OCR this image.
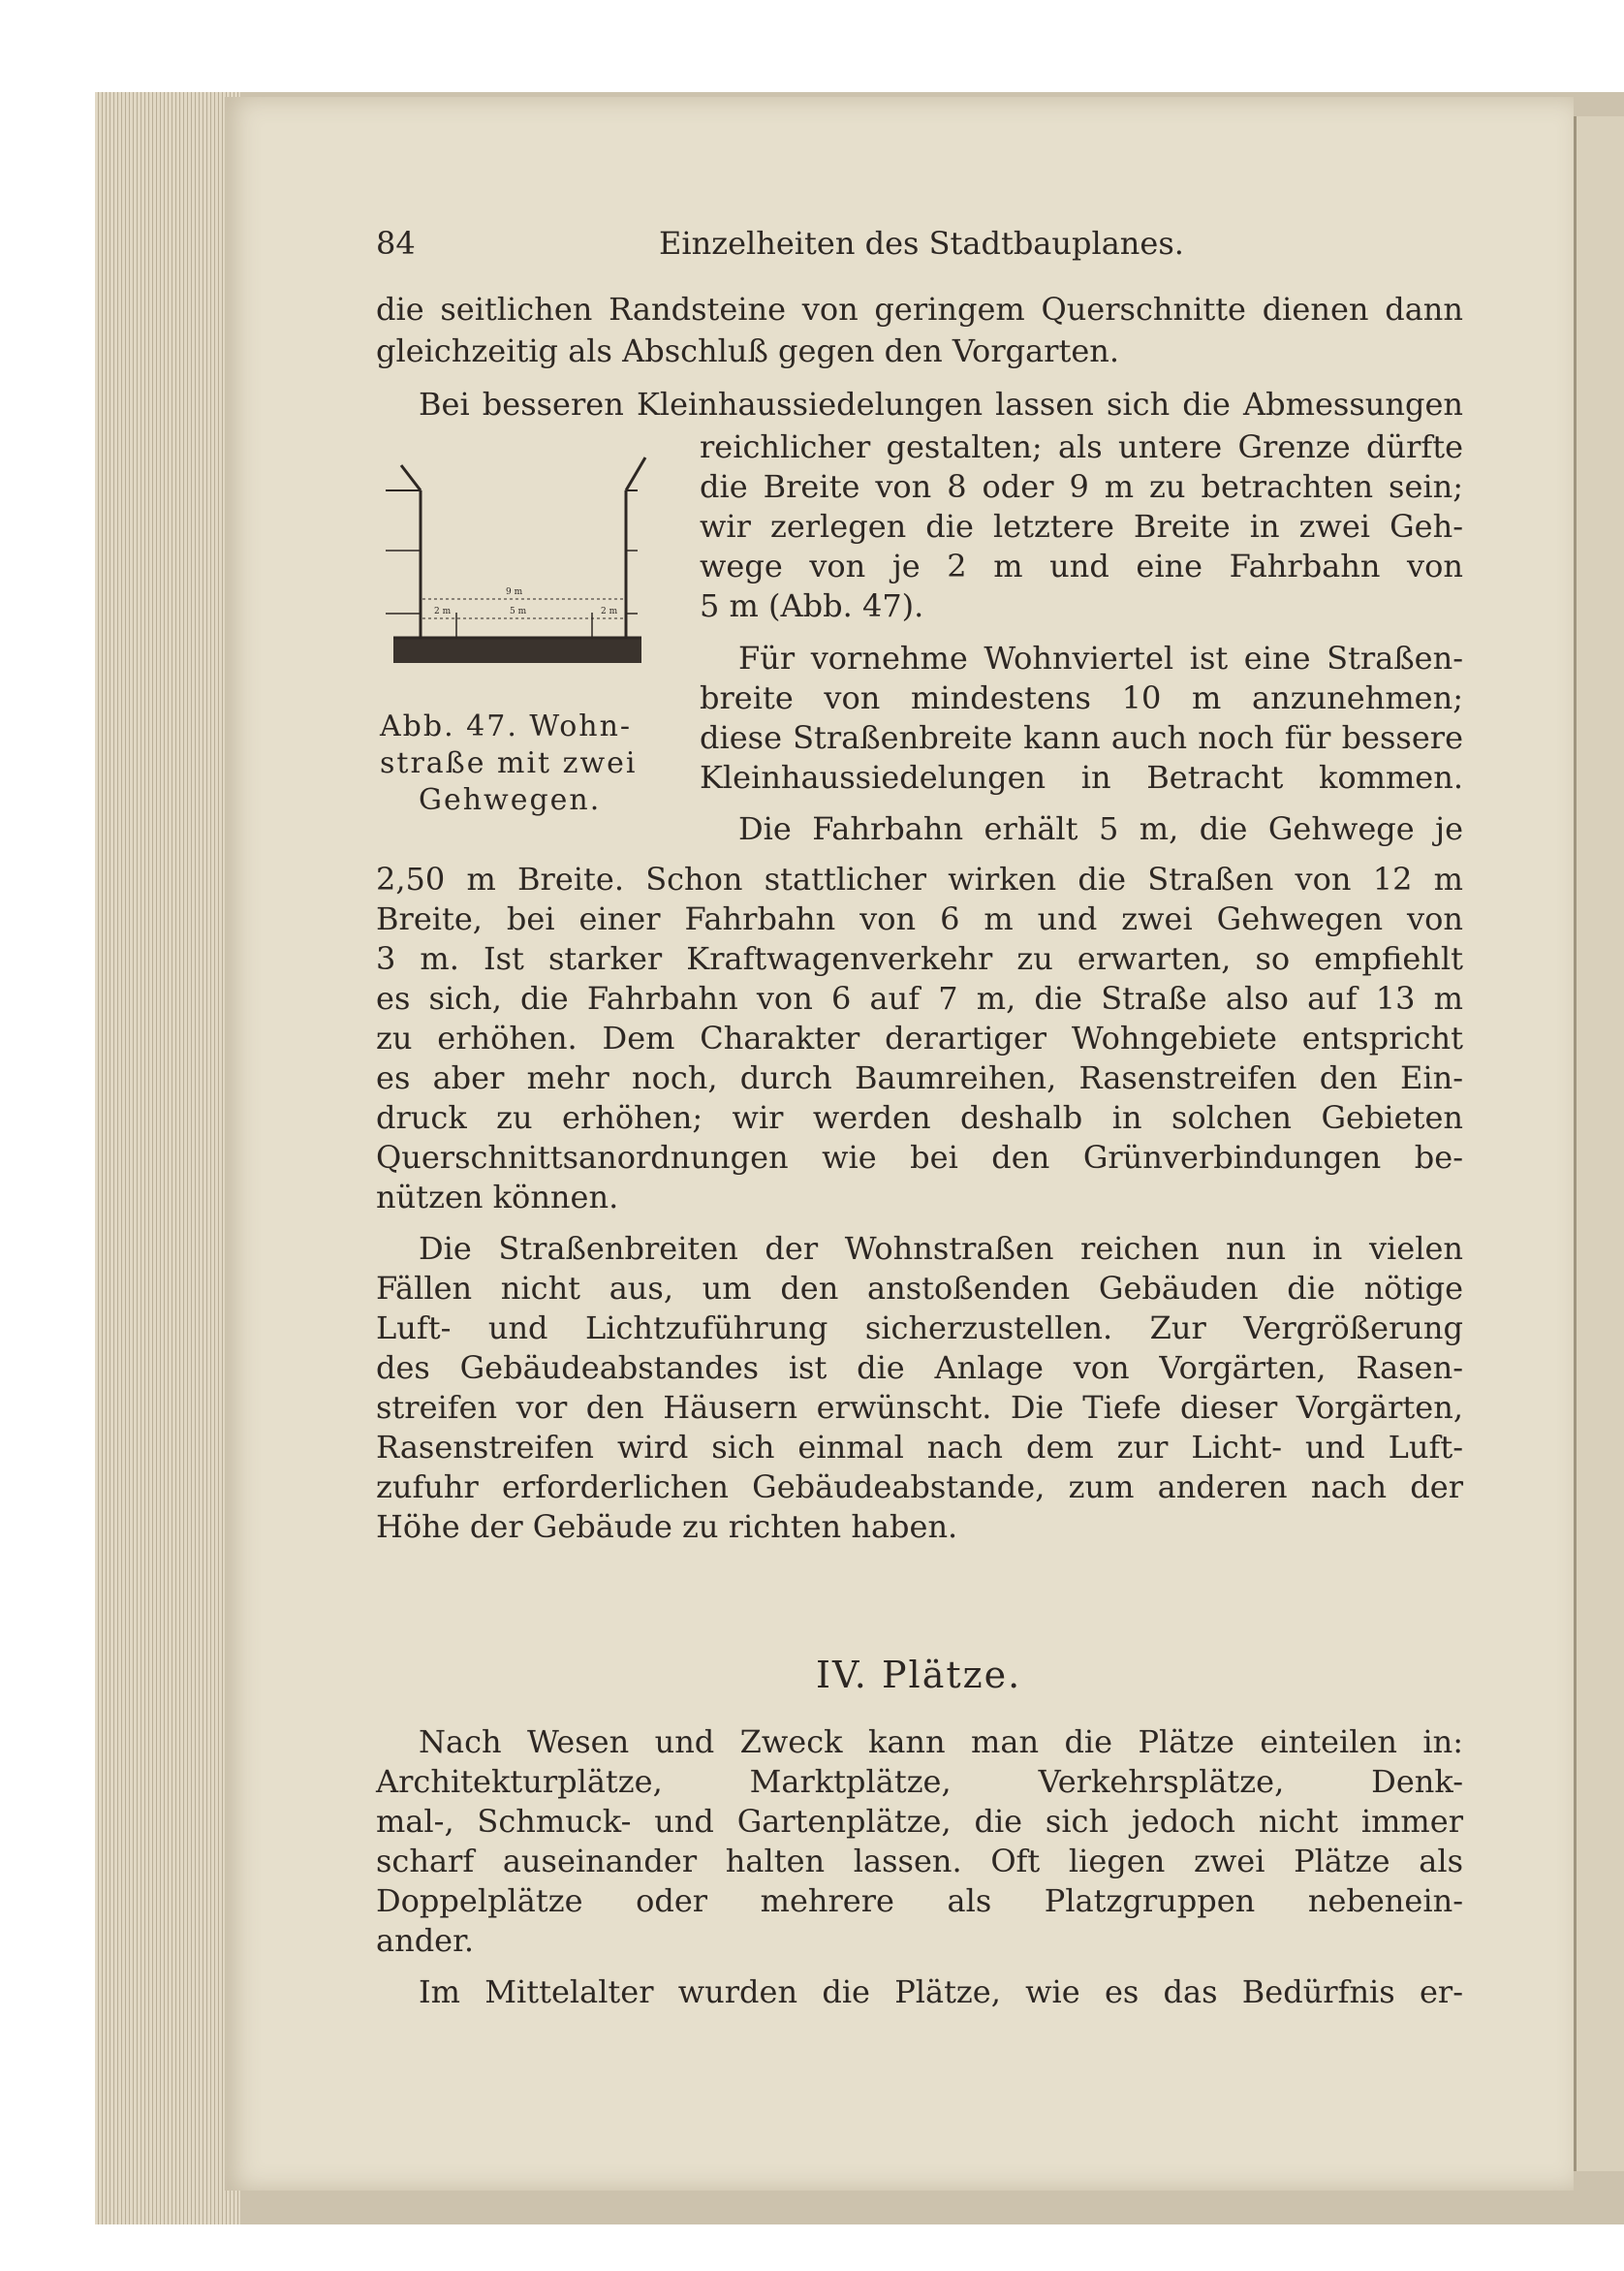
84	Einzelheiten des Stadtbauplanes.
die seitlichen Randsteine von geringem Querschnitte dienen dann
gleichzeitig als Abschluß gegen den Vorgarten.
Bei besseren Kleinhaussiedelungen lassen sich die Abmessungen
reichlicher gestalten; als untere Grenze dürfte
die Breite von 8 oder 9 m zu betrachten sein;
wir zerlegen die letztere Breite in zwei Geh-
wege von je 2 m und eine Fahrbahn von
5 m (Abb. 47).
Für vornehme Wohnviertel ist eine Straßen-
breite von mindestens 10 m anzunehmen;
diese Straßenbreite kann auch noch für bessere
Kleinhaussiedelungen in Betracht kommen.
Die Fahrbahn erhält 5 m, die Gehwege je
9 m
2 m	5 m	2 m
Abb. 47. Wohn-
straße mit zwei
Gehwegen.
2,50 m Breite. Schon stattlicher wirken die Straßen von 12 m
Breite, bei einer Fahrbahn von 6 m und zwei Gehwegen von
3 m. Ist starker Kraftwagenverkehr zu erwarten, so empfiehlt
es sich, die Fahrbahn von 6 auf 7 m, die Straße also auf 13 m
zu erhöhen. Dem Charakter derartiger Wohngebiete entspricht
es aber mehr noch, durch Baumreihen, Rasenstreifen den Ein-
druck zu erhöhen; wir werden deshalb in solchen Gebieten
Querschnittsanordnungen wie bei den Grünverbindungen be-
nützen können.
Die Straßenbreiten der Wohnstraßen reichen nun in vielen
Fällen nicht aus, um den anstoßenden Gebäuden die nötige
Luft- und Lichtzuführung sicherzustellen. Zur Vergrößerung
des Gebäudeabstandes ist die Anlage von Vorgärten, Rasen-
streifen vor den Häusern erwünscht. Die Tiefe dieser Vorgärten,
Rasenstreifen wird sich einmal nach dem zur Licht- und Luft-
zufuhr erforderlichen Gebäudeabstande, zum anderen nach der
Höhe der Gebäude zu richten haben.
IV. Plätze.
Nach Wesen und Zweck kann man die Plätze einteilen in:
Architekturplätze, Marktplätze, Verkehrsplätze, Denk-
mal-, Schmuck- und Gartenplätze, die sich jedoch nicht immer
scharf auseinander halten lassen. Oft liegen zwei Plätze als
Doppelplätze oder mehrere als Platzgruppen nebenein-
ander.
Im Mittelalter wurden die Plätze, wie es das Bedürfnis er-
